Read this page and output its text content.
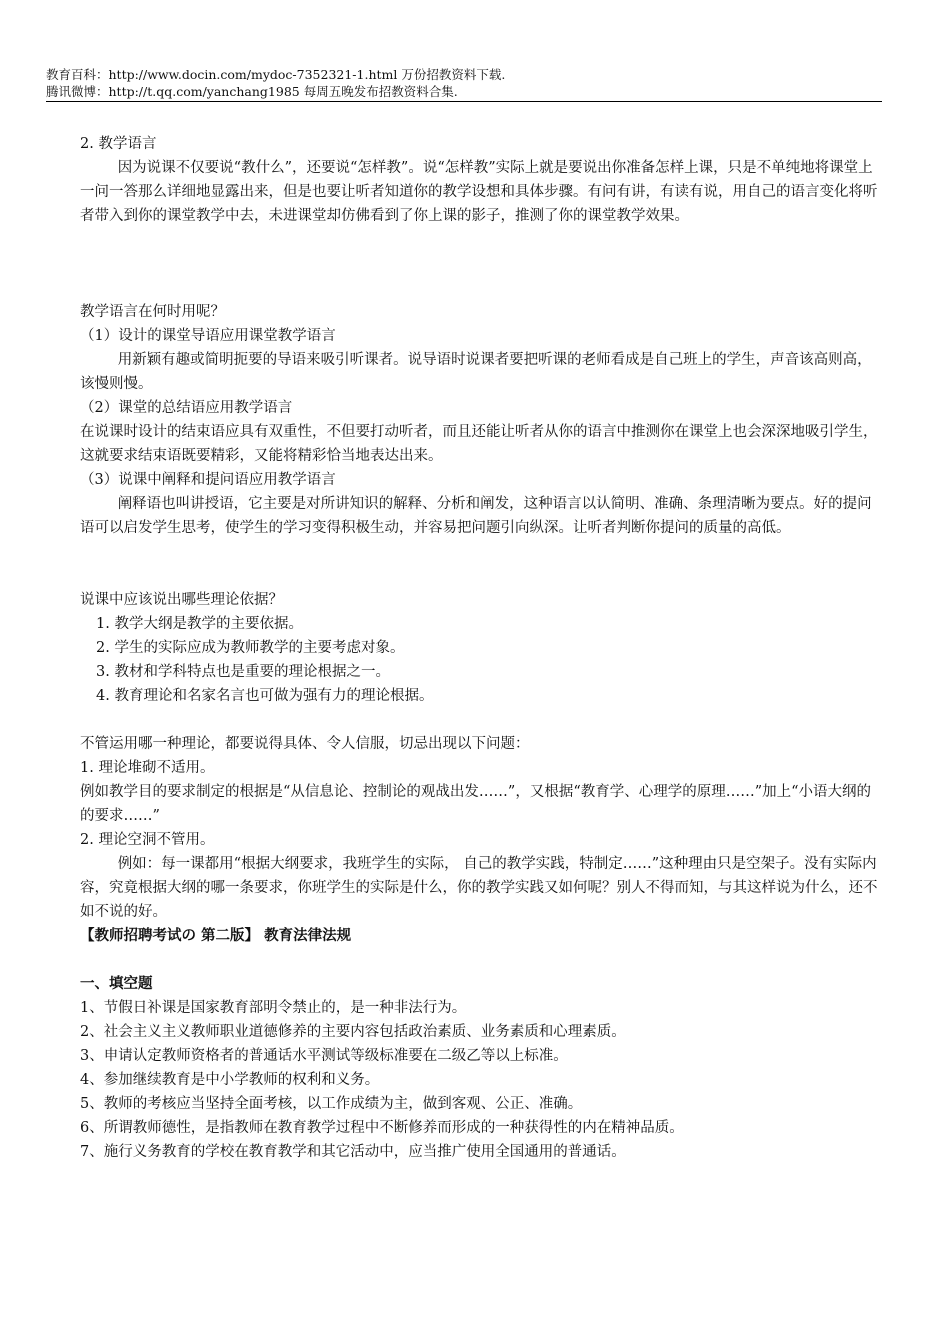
教育百科：http://www.docin.com/mydoc-7352321-1.html 万份招教资料下载.
腾讯微博：http://t.qq.com/yanchang1985 每周五晚发布招教资料合集.

2. 教学语言

因为说课不仅要说“教什么”，还要说“怎样教”。说“怎样教”实际上就是要说出你准备怎样上课，只是不单纯地将课堂上一问一答那么详细地显露出来，但是也要让听者知道你的教学设想和具体步骤。有问有讲，有读有说，用自己的语言变化将听者带入到你的课堂教学中去，未进课堂却仿佛看到了你上课的影子，推测了你的课堂教学效果。

教学语言在何时用呢？

（1）设计的课堂导语应用课堂教学语言

用新颖有趣或简明扼要的导语来吸引听课者。说导语时说课者要把听课的老师看成是自己班上的学生，声音该高则高，该慢则慢。

（2）课堂的总结语应用教学语言

在说课时设计的结束语应具有双重性，不但要打动听者，而且还能让听者从你的语言中推测你在课堂上也会深深地吸引学生，这就要求结束语既要精彩，又能将精彩恰当地表达出来。

（3）说课中阐释和提问语应用教学语言

阐释语也叫讲授语，它主要是对所讲知识的解释、分析和阐发，这种语言以认简明、准确、条理清晰为要点。好的提问语可以启发学生思考，使学生的学习变得积极生动，并容易把问题引向纵深。让听者判断你提问的质量的高低。

说课中应该说出哪些理论依据？

1. 教学大纲是教学的主要依据。

2. 学生的实际应成为教师教学的主要考虑对象。

3. 教材和学科特点也是重要的理论根据之一。

4. 教育理论和名家名言也可做为强有力的理论根据。

不管运用哪一种理论，都要说得具体、令人信服，切忌出现以下问题：

1. 理论堆砌不适用。

例如教学目的要求制定的根据是“从信息论、控制论的观战出发……”，又根据“教育学、心理学的原理……”加上“小语大纲的的要求……”

2. 理论空洞不管用。

例如：每一课都用“根据大纲要求，我班学生的实际， 自己的教学实践，特制定……”这种理由只是空架子。没有实际内容，究竟根据大纲的哪一条要求，你班学生的实际是什么，你的教学实践又如何呢？别人不得而知，与其这样说为什么，还不如不说的好。

【教师招聘考试の 第二版】 教育法律法规

一、填空题

1、节假日补课是国家教育部明令禁止的，是一种非法行为。

2、社会主义主义教师职业道德修养的主要内容包括政治素质、业务素质和心理素质。

3、申请认定教师资格者的普通话水平测试等级标准要在二级乙等以上标准。

4、参加继续教育是中小学教师的权利和义务。

5、教师的考核应当坚持全面考核，以工作成绩为主，做到客观、公正、准确。

6、所谓教师德性，是指教师在教育教学过程中不断修养而形成的一种获得性的内在精神品质。

7、施行义务教育的学校在教育教学和其它活动中，应当推广使用全国通用的普通话。
